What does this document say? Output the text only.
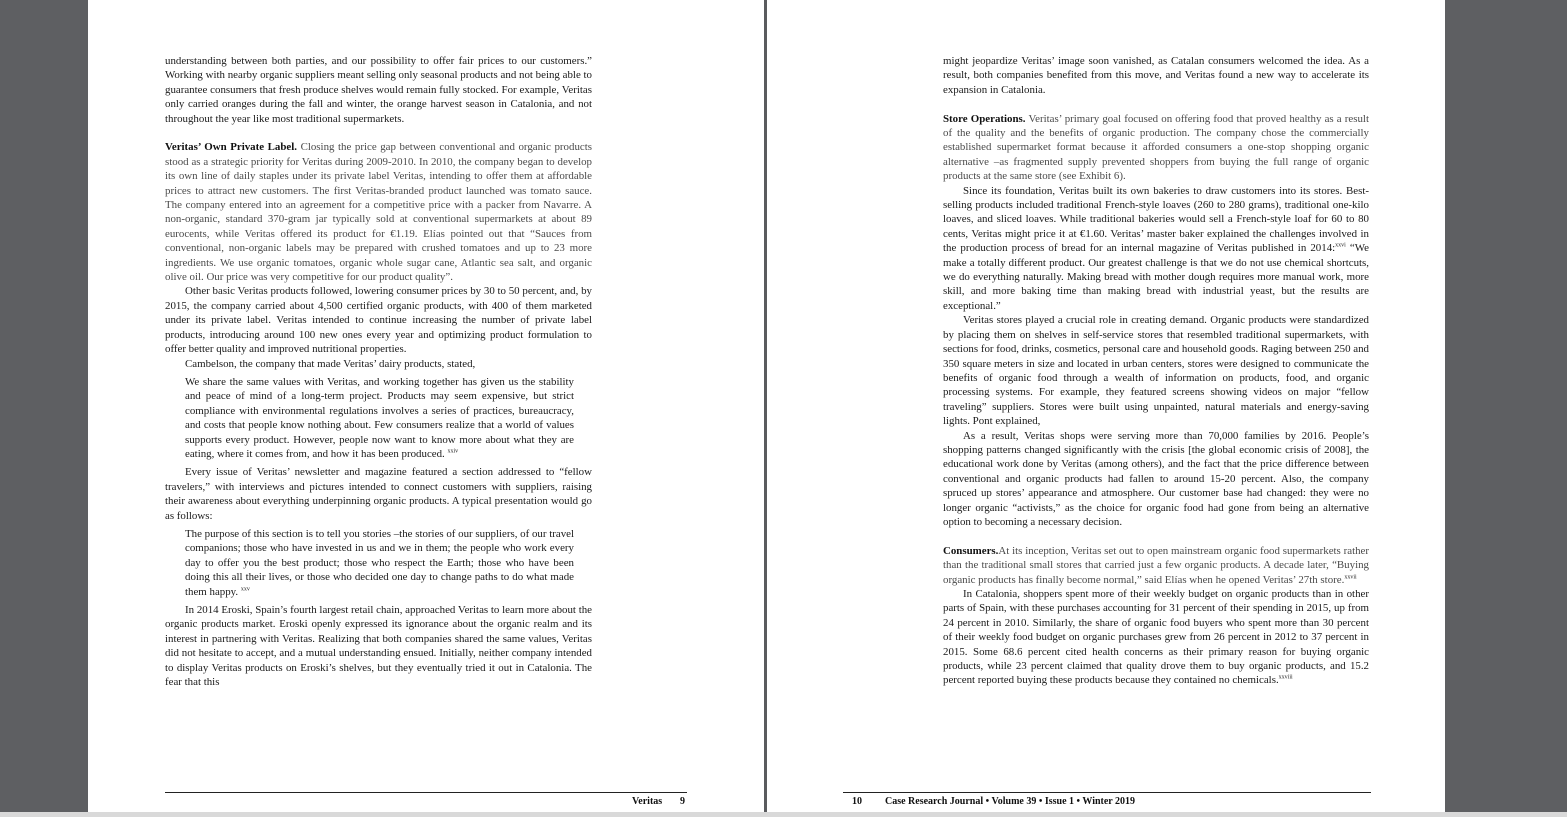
understanding between both parties, and our possibility to offer fair prices to our customers.” Working with nearby organic suppliers meant selling only seasonal products and not being able to guarantee consumers that fresh produce shelves would remain fully stocked. For example, Veritas only carried oranges during the fall and winter, the orange harvest season in Catalonia, and not throughout the year like most traditional supermarkets.

Veritas’ Own Private Label. Closing the price gap between conventional and organic products stood as a strategic priority for Veritas during 2009-2010. In 2010, the company began to develop its own line of daily staples under its private label Veritas, intending to offer them at affordable prices to attract new customers. The first Veritas-branded product launched was tomato sauce. The company entered into an agreement for a competitive price with a packer from Navarre. A non-organic, standard 370-gram jar typically sold at conventional supermarkets at about 89 eurocents, while Veritas offered its product for €1.19. Elías pointed out that “Sauces from conventional, non-organic labels may be prepared with crushed tomatoes and up to 23 more ingredients. We use organic tomatoes, organic whole sugar cane, Atlantic sea salt, and organic olive oil. Our price was very competitive for our product quality”.

Other basic Veritas products followed, lowering consumer prices by 30 to 50 percent, and, by 2015, the company carried about 4,500 certified organic products, with 400 of them marketed under its private label. Veritas intended to continue increasing the number of private label products, introducing around 100 new ones every year and optimizing product formulation to offer better quality and improved nutritional properties.

Cambelson, the company that made Veritas’ dairy products, stated,

We share the same values with Veritas, and working together has given us the stability and peace of mind of a long-term project. Products may seem expensive, but strict compliance with environmental regulations involves a series of practices, bureaucracy, and costs that people know nothing about. Few consumers realize that a world of values supports every product. However, people now want to know more about what they are eating, where it comes from, and how it has been produced. $^{xxiv}$

Every issue of Veritas’ newsletter and magazine featured a section addressed to “fellow travelers,” with interviews and pictures intended to connect customers with suppliers, raising their awareness about everything underpinning organic products. A typical presentation would go as follows:

The purpose of this section is to tell you stories –the stories of our suppliers, of our travel companions; those who have invested in us and we in them; the people who work every day to offer you the best product; those who respect the Earth; those who have been doing this all their lives, or those who decided one day to change paths to do what made them happy. $^{xxv}$

In 2014 Eroski, Spain’s fourth largest retail chain, approached Veritas to learn more about the organic products market. Eroski openly expressed its ignorance about the organic realm and its interest in partnering with Veritas. Realizing that both companies shared the same values, Veritas did not hesitate to accept, and a mutual understanding ensued. Initially, neither company intended to display Veritas products on Eroski’s shelves, but they eventually tried it out in Catalonia. The fear that this

Veritas 9

might jeopardize Veritas’ image soon vanished, as Catalan consumers welcomed the idea. As a result, both companies benefited from this move, and Veritas found a new way to accelerate its expansion in Catalonia.

Store Operations. Veritas’ primary goal focused on offering food that proved healthy as a result of the quality and the benefits of organic production. The company chose the commercially established supermarket format because it afforded consumers a one-stop shopping organic alternative –as fragmented supply prevented shoppers from buying the full range of organic products at the same store (see Exhibit 6).

Since its foundation, Veritas built its own bakeries to draw customers into its stores. Best-selling products included traditional French-style loaves (260 to 280 grams), traditional one-kilo loaves, and sliced loaves. While traditional bakeries would sell a French-style loaf for 60 to 80 cents, Veritas might price it at €1.60. Veritas’ master baker explained the challenges involved in the production process of bread for an internal magazine of Veritas published in 2014:$^{xxvi}$ “We make a totally different product. Our greatest challenge is that we do not use chemical shortcuts, we do everything naturally. Making bread with mother dough requires more manual work, more skill, and more baking time than making bread with industrial yeast, but the results are exceptional.”

Veritas stores played a crucial role in creating demand. Organic products were standardized by placing them on shelves in self-service stores that resembled traditional supermarkets, with sections for food, drinks, cosmetics, personal care and household goods. Raging between 250 and 350 square meters in size and located in urban centers, stores were designed to communicate the benefits of organic food through a wealth of information on products, food, and organic processing systems. For example, they featured screens showing videos on major “fellow traveling” suppliers. Stores were built using unpainted, natural materials and energy-saving lights. Pont explained,

As a result, Veritas shops were serving more than 70,000 families by 2016. People’s shopping patterns changed significantly with the crisis [the global economic crisis of 2008], the educational work done by Veritas (among others), and the fact that the price difference between conventional and organic products had fallen to around 15-20 percent. Also, the company spruced up stores’ appearance and atmosphere. Our customer base had changed: they were no longer organic “activists,” as the choice for organic food had gone from being an alternative option to becoming a necessary decision.

Consumers.At its inception, Veritas set out to open mainstream organic food supermarkets rather than the traditional small stores that carried just a few organic products. A decade later, “Buying organic products has finally become normal,” said Elías when he opened Veritas’ 27th store.$^{xxvii}$

In Catalonia, shoppers spent more of their weekly budget on organic products than in other parts of Spain, with these purchases accounting for 31 percent of their spending in 2015, up from 24 percent in 2010. Similarly, the share of organic food buyers who spent more than 30 percent of their weekly food budget on organic purchases grew from 26 percent in 2012 to 37 percent in 2015. Some 68.6 percent cited health concerns as their primary reason for buying organic products, while 23 percent claimed that quality drove them to buy organic products, and 15.2 percent reported buying these products because they contained no chemicals.$^{xxviii}$

10 Case Research Journal • Volume 39 • Issue 1 • Winter 2019
